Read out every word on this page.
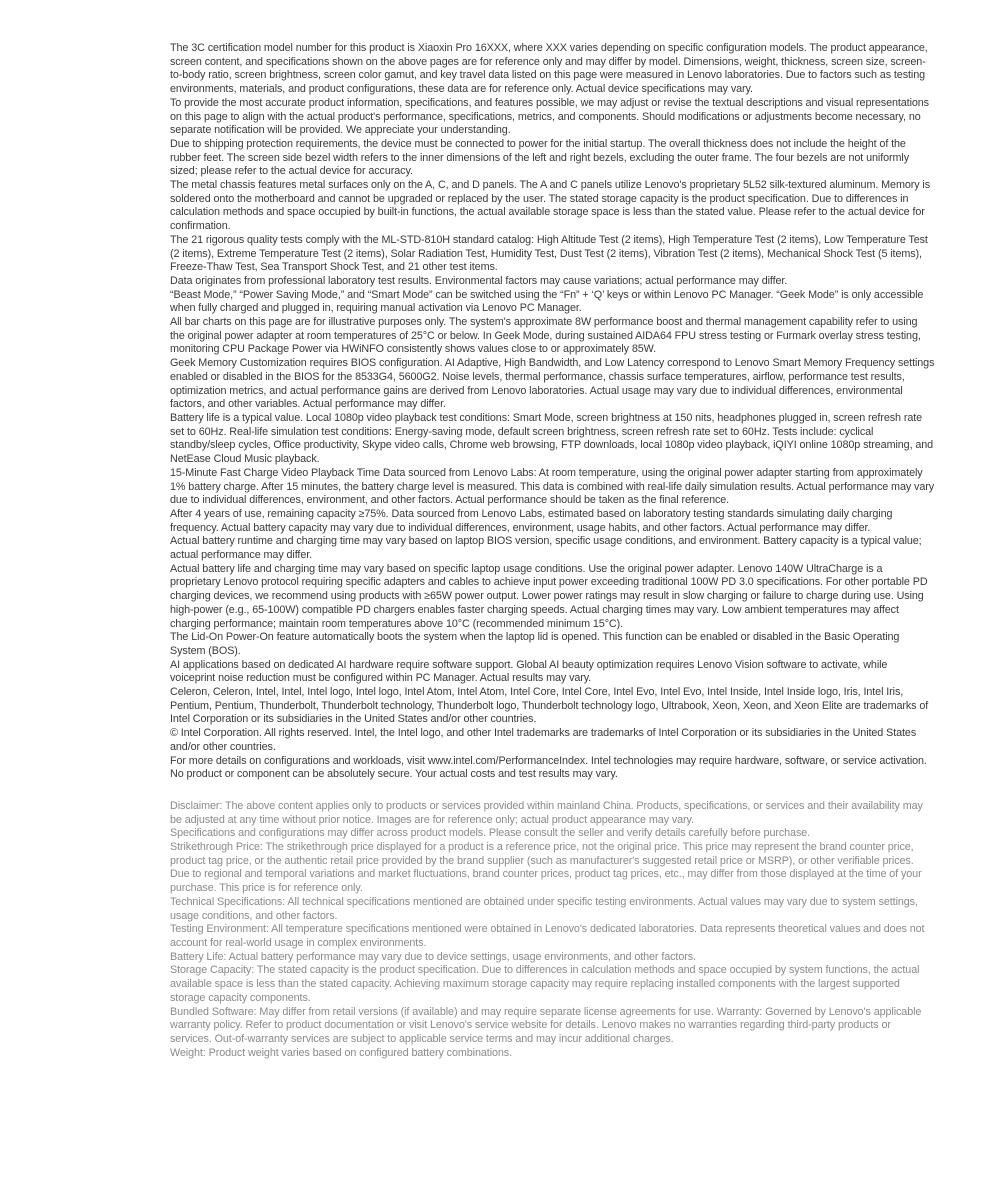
The 3C certification model number for this product is Xiaoxin Pro 16XXX, where XXX varies depending on specific configuration models. The product appearance, screen content, and specifications shown on the above pages are for reference only and may differ by model. Dimensions, weight, thickness, screen size, screen-to-body ratio, screen brightness, screen color gamut, and key travel data listed on this page were measured in Lenovo laboratories. Due to factors such as testing environments, materials, and product configurations, these data are for reference only. Actual device specifications may vary.

To provide the most accurate product information, specifications, and features possible, we may adjust or revise the textual descriptions and visual representations on this page to align with the actual product's performance, specifications, metrics, and components. Should modifications or adjustments become necessary, no separate notification will be provided. We appreciate your understanding.

Due to shipping protection requirements, the device must be connected to power for the initial startup. The overall thickness does not include the height of the rubber feet. The screen side bezel width refers to the inner dimensions of the left and right bezels, excluding the outer frame. The four bezels are not uniformly sized; please refer to the actual device for accuracy.

The metal chassis features metal surfaces only on the A, C, and D panels. The A and C panels utilize Lenovo's proprietary 5L52 silk-textured aluminum. Memory is soldered onto the motherboard and cannot be upgraded or replaced by the user. The stated storage capacity is the product specification. Due to differences in calculation methods and space occupied by built-in functions, the actual available storage space is less than the stated value. Please refer to the actual device for confirmation.

The 21 rigorous quality tests comply with the ML-STD-810H standard catalog: High Altitude Test (2 items), High Temperature Test (2 items), Low Temperature Test (2 items), Extreme Temperature Test (2 items), Solar Radiation Test, Humidity Test, Dust Test (2 items), Vibration Test (2 items), Mechanical Shock Test (5 items), Freeze-Thaw Test, Sea Transport Shock Test, and 21 other test items.

Data originates from professional laboratory test results. Environmental factors may cause variations; actual performance may differ.

“Beast Mode,” “Power Saving Mode,” and “Smart Mode” can be switched using the “Fn” + ‘Q’ keys or within Lenovo PC Manager. “Geek Mode” is only accessible when fully charged and plugged in, requiring manual activation via Lenovo PC Manager.

All bar charts on this page are for illustrative purposes only. The system's approximate 8W performance boost and thermal management capability refer to using the original power adapter at room temperatures of 25°C or below. In Geek Mode, during sustained AIDA64 FPU stress testing or Furmark overlay stress testing, monitoring CPU Package Power via HWiNFO consistently shows values close to or approximately 85W.

Geek Memory Customization requires BIOS configuration. AI Adaptive, High Bandwidth, and Low Latency correspond to Lenovo Smart Memory Frequency settings enabled or disabled in the BIOS for the 8533G4, 5600G2. Noise levels, thermal performance, chassis surface temperatures, airflow, performance test results, optimization metrics, and actual performance gains are derived from Lenovo laboratories. Actual usage may vary due to individual differences, environmental factors, and other variables. Actual performance may differ.

Battery life is a typical value. Local 1080p video playback test conditions: Smart Mode, screen brightness at 150 nits, headphones plugged in, screen refresh rate set to 60Hz. Real-life simulation test conditions: Energy-saving mode, default screen brightness, screen refresh rate set to 60Hz. Tests include: cyclical standby/sleep cycles, Office productivity, Skype video calls, Chrome web browsing, FTP downloads, local 1080p video playback, iQIYI online 1080p streaming, and NetEase Cloud Music playback.

15-Minute Fast Charge Video Playback Time Data sourced from Lenovo Labs: At room temperature, using the original power adapter starting from approximately 1% battery charge. After 15 minutes, the battery charge level is measured. This data is combined with real-life daily simulation results. Actual performance may vary due to individual differences, environment, and other factors. Actual performance should be taken as the final reference.

After 4 years of use, remaining capacity ≥75%. Data sourced from Lenovo Labs, estimated based on laboratory testing standards simulating daily charging frequency. Actual battery capacity may vary due to individual differences, environment, usage habits, and other factors. Actual performance may differ.

Actual battery runtime and charging time may vary based on laptop BIOS version, specific usage conditions, and environment. Battery capacity is a typical value; actual performance may differ.

Actual battery life and charging time may vary based on specific laptop usage conditions. Use the original power adapter. Lenovo 140W UltraCharge is a proprietary Lenovo protocol requiring specific adapters and cables to achieve input power exceeding traditional 100W PD 3.0 specifications. For other portable PD charging devices, we recommend using products with ≥65W power output. Lower power ratings may result in slow charging or failure to charge during use. Using high-power (e.g., 65-100W) compatible PD chargers enables faster charging speeds. Actual charging times may vary. Low ambient temperatures may affect charging performance; maintain room temperatures above 10°C (recommended minimum 15°C).

The Lid-On Power-On feature automatically boots the system when the laptop lid is opened. This function can be enabled or disabled in the Basic Operating System (BOS).

AI applications based on dedicated AI hardware require software support. Global AI beauty optimization requires Lenovo Vision software to activate, while voiceprint noise reduction must be configured within PC Manager. Actual results may vary.

Celeron, Celeron, Intel, Intel, Intel logo, Intel logo, Intel Atom, Intel Atom, Intel Core, Intel Core, Intel Evo, Intel Evo, Intel Inside, Intel Inside logo, Iris, Intel Iris, Pentium, Pentium, Thunderbolt, Thunderbolt technology, Thunderbolt logo, Thunderbolt technology logo, Ultrabook, Xeon, Xeon, and Xeon Elite are trademarks of Intel Corporation or its subsidiaries in the United States and/or other countries.

© Intel Corporation. All rights reserved. Intel, the Intel logo, and other Intel trademarks are trademarks of Intel Corporation or its subsidiaries in the United States and/or other countries.

For more details on configurations and workloads, visit www.intel.com/PerformanceIndex. Intel technologies may require hardware, software, or service activation. No product or component can be absolutely secure. Your actual costs and test results may vary.

Disclaimer: The above content applies only to products or services provided within mainland China. Products, specifications, or services and their availability may be adjusted at any time without prior notice. Images are for reference only; actual product appearance may vary.

Specifications and configurations may differ across product models. Please consult the seller and verify details carefully before purchase.

Strikethrough Price: The strikethrough price displayed for a product is a reference price, not the original price. This price may represent the brand counter price, product tag price, or the authentic retail price provided by the brand supplier (such as manufacturer's suggested retail price or MSRP), or other verifiable prices. Due to regional and temporal variations and market fluctuations, brand counter prices, product tag prices, etc., may differ from those displayed at the time of your purchase. This price is for reference only.

Technical Specifications: All technical specifications mentioned are obtained under specific testing environments. Actual values may vary due to system settings, usage conditions, and other factors.

Testing Environment: All temperature specifications mentioned were obtained in Lenovo's dedicated laboratories. Data represents theoretical values and does not account for real-world usage in complex environments.

Battery Life: Actual battery performance may vary due to device settings, usage environments, and other factors.

Storage Capacity: The stated capacity is the product specification. Due to differences in calculation methods and space occupied by system functions, the actual available space is less than the stated capacity. Achieving maximum storage capacity may require replacing installed components with the largest supported storage capacity components.

Bundled Software: May differ from retail versions (if available) and may require separate license agreements for use. Warranty: Governed by Lenovo's applicable warranty policy. Refer to product documentation or visit Lenovo's service website for details. Lenovo makes no warranties regarding third-party products or services. Out-of-warranty services are subject to applicable service terms and may incur additional charges.

Weight: Product weight varies based on configured battery combinations.
